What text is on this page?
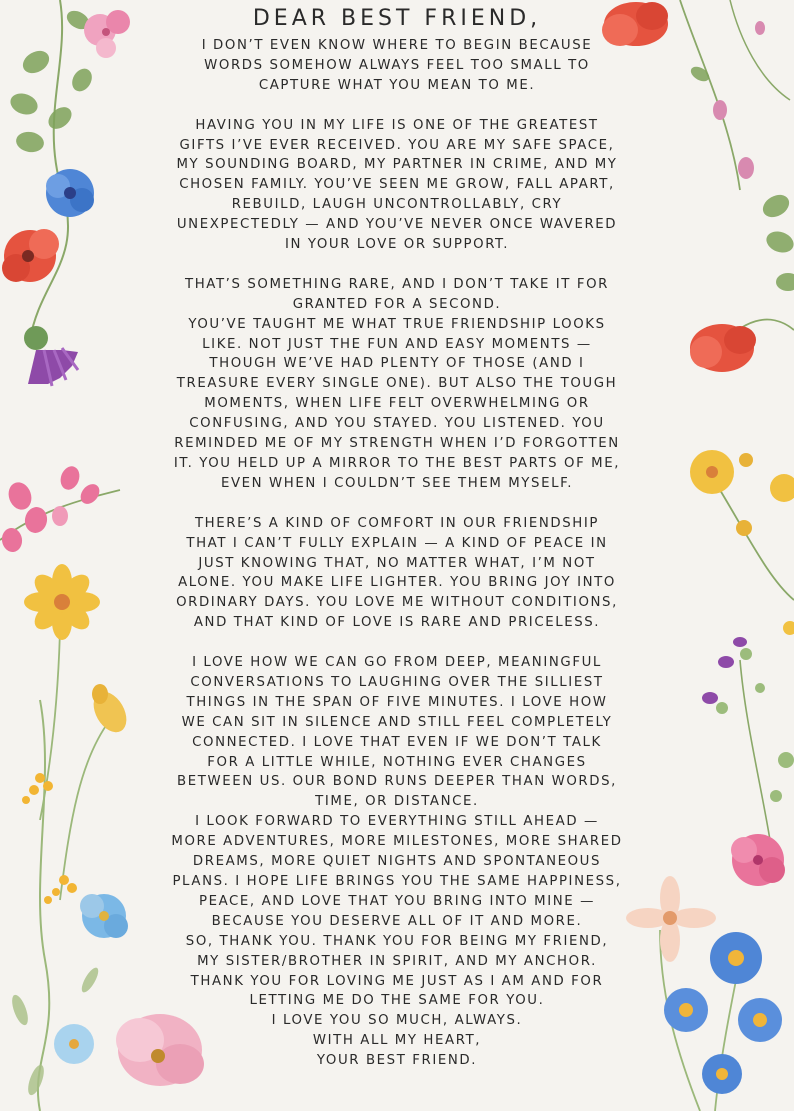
DEAR BEST FRIEND,

I DON’T EVEN KNOW WHERE TO BEGIN BECAUSE
WORDS SOMEHOW ALWAYS FEEL TOO SMALL TO
CAPTURE WHAT YOU MEAN TO ME.

HAVING YOU IN MY LIFE IS ONE OF THE GREATEST
GIFTS I’VE EVER RECEIVED. YOU ARE MY SAFE SPACE,
MY SOUNDING BOARD, MY PARTNER IN CRIME, AND MY
CHOSEN FAMILY. YOU’VE SEEN ME GROW, FALL APART,
REBUILD, LAUGH UNCONTROLLABLY, CRY
UNEXPECTEDLY — AND YOU’VE NEVER ONCE WAVERED
IN YOUR LOVE OR SUPPORT.

THAT’S SOMETHING RARE, AND I DON’T TAKE IT FOR
GRANTED FOR A SECOND.

YOU’VE TAUGHT ME WHAT TRUE FRIENDSHIP LOOKS
LIKE. NOT JUST THE FUN AND EASY MOMENTS —
THOUGH WE’VE HAD PLENTY OF THOSE (AND I
TREASURE EVERY SINGLE ONE). BUT ALSO THE TOUGH
MOMENTS, WHEN LIFE FELT OVERWHELMING OR
CONFUSING, AND YOU STAYED. YOU LISTENED. YOU
REMINDED ME OF MY STRENGTH WHEN I’D FORGOTTEN
IT. YOU HELD UP A MIRROR TO THE BEST PARTS OF ME,
EVEN WHEN I COULDN’T SEE THEM MYSELF.

THERE’S A KIND OF COMFORT IN OUR FRIENDSHIP
THAT I CAN’T FULLY EXPLAIN — A KIND OF PEACE IN
JUST KNOWING THAT, NO MATTER WHAT, I’M NOT
ALONE. YOU MAKE LIFE LIGHTER. YOU BRING JOY INTO
ORDINARY DAYS. YOU LOVE ME WITHOUT CONDITIONS,
AND THAT KIND OF LOVE IS RARE AND PRICELESS.

I LOVE HOW WE CAN GO FROM DEEP, MEANINGFUL
CONVERSATIONS TO LAUGHING OVER THE SILLIEST
THINGS IN THE SPAN OF FIVE MINUTES. I LOVE HOW
WE CAN SIT IN SILENCE AND STILL FEEL COMPLETELY
CONNECTED. I LOVE THAT EVEN IF WE DON’T TALK
FOR A LITTLE WHILE, NOTHING EVER CHANGES
BETWEEN US. OUR BOND RUNS DEEPER THAN WORDS,
TIME, OR DISTANCE.

I LOOK FORWARD TO EVERYTHING STILL AHEAD —
MORE ADVENTURES, MORE MILESTONES, MORE SHARED
DREAMS, MORE QUIET NIGHTS AND SPONTANEOUS
PLANS. I HOPE LIFE BRINGS YOU THE SAME HAPPINESS,
PEACE, AND LOVE THAT YOU BRING INTO MINE —
BECAUSE YOU DESERVE ALL OF IT AND MORE.

SO, THANK YOU. THANK YOU FOR BEING MY FRIEND,
MY SISTER/BROTHER IN SPIRIT, AND MY ANCHOR.
THANK YOU FOR LOVING ME JUST AS I AM AND FOR
LETTING ME DO THE SAME FOR YOU.

I LOVE YOU SO MUCH, ALWAYS.

WITH ALL MY HEART,
YOUR BEST FRIEND.
